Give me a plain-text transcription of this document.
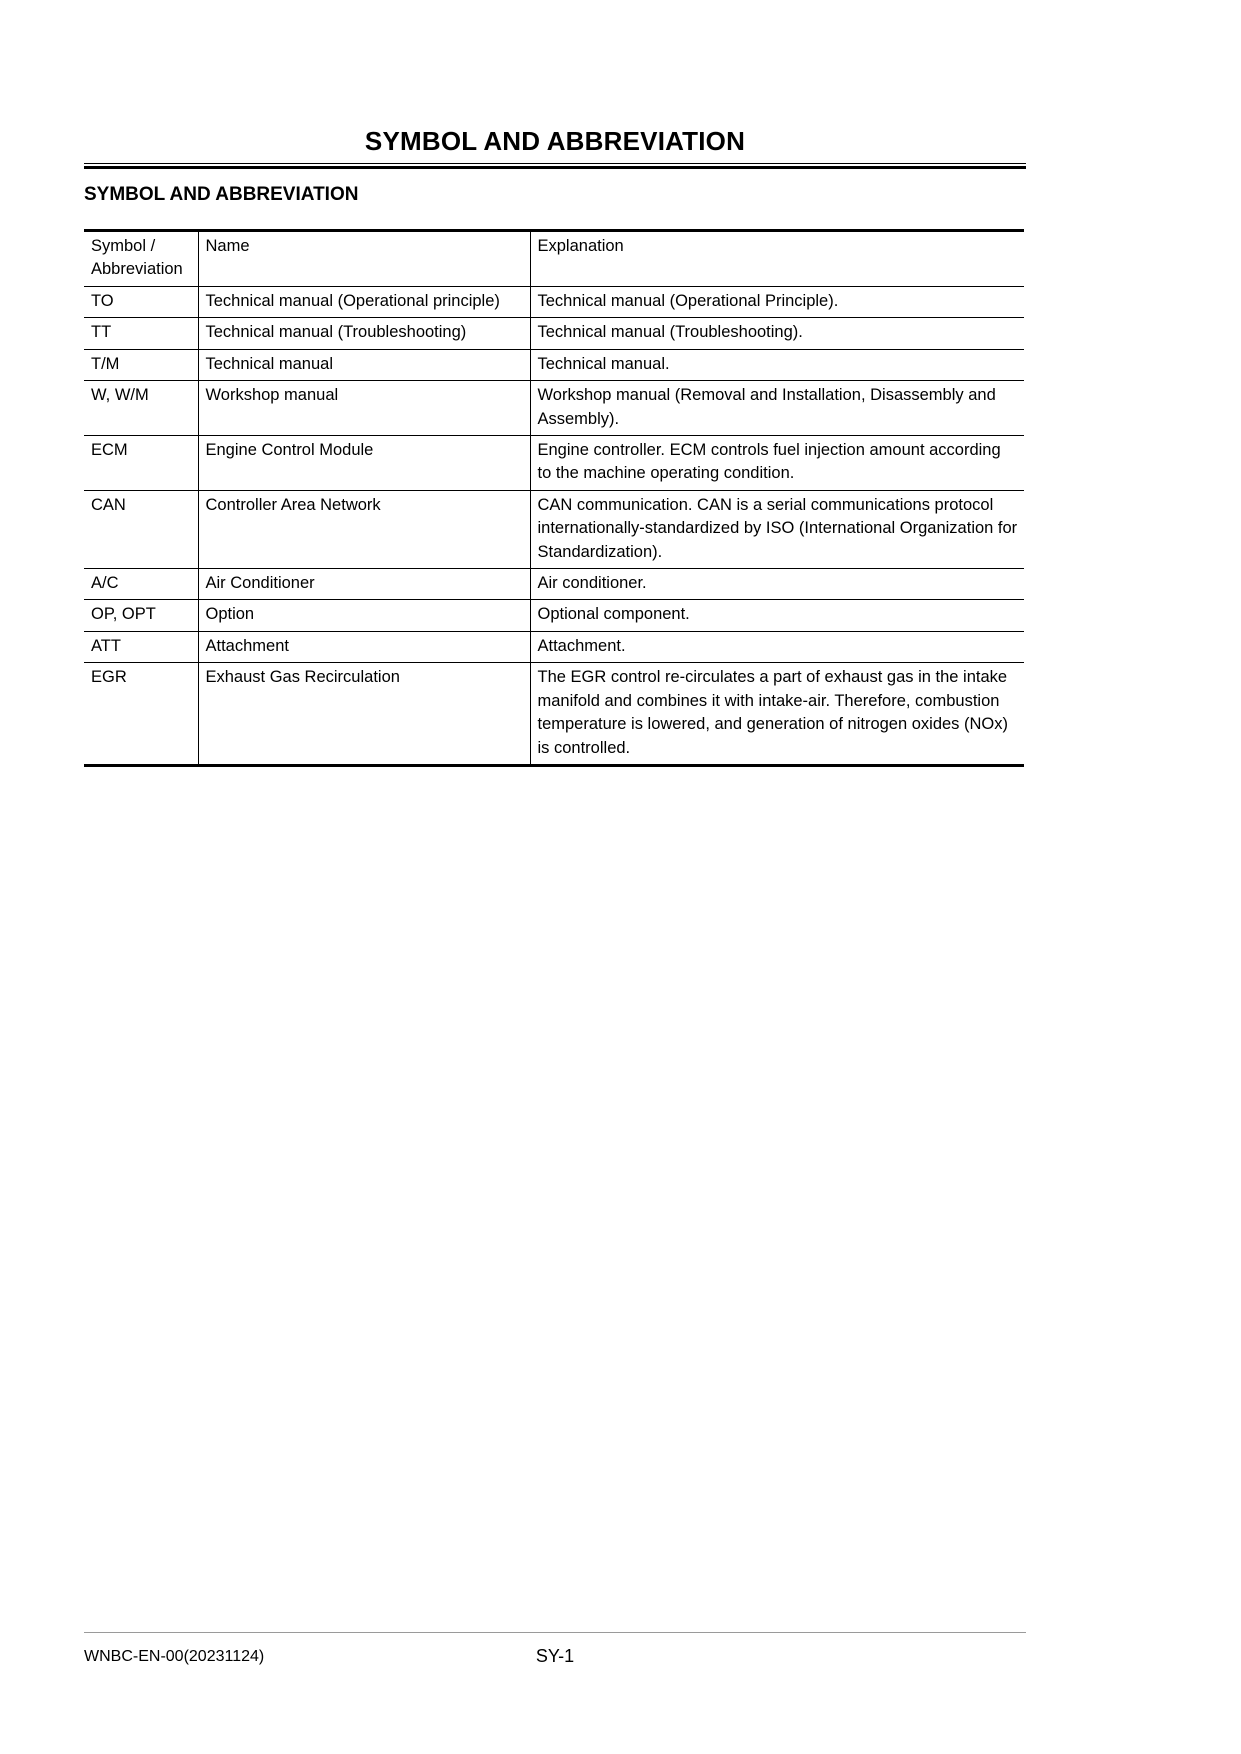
SYMBOL AND ABBREVIATION
SYMBOL AND ABBREVIATION
Symbol /
Abbreviation	Name	Explanation
TO	Technical manual (Operational principle)	Technical manual (Operational Principle).
TT	Technical manual (Troubleshooting)	Technical manual (Troubleshooting).
T/M	Technical manual	Technical manual.
W, W/M	Workshop manual	Workshop manual (Removal and Installation, Disassembly and Assembly).
ECM	Engine Control Module	Engine controller. ECM controls fuel injection amount according to the machine operating condition.
CAN	Controller Area Network	CAN communication. CAN is a serial communications protocol internationally-standardized by ISO (International Organization for Standardization).
A/C	Air Conditioner	Air conditioner.
OP, OPT	Option	Optional component.
ATT	Attachment	Attachment.
EGR	Exhaust Gas Recirculation	The EGR control re-circulates a part of exhaust gas in the intake manifold and combines it with intake-air. Therefore, combustion temperature is lowered, and generation of nitrogen oxides (NOx) is controlled.
WNBC-EN-00(20231124)	SY-1
